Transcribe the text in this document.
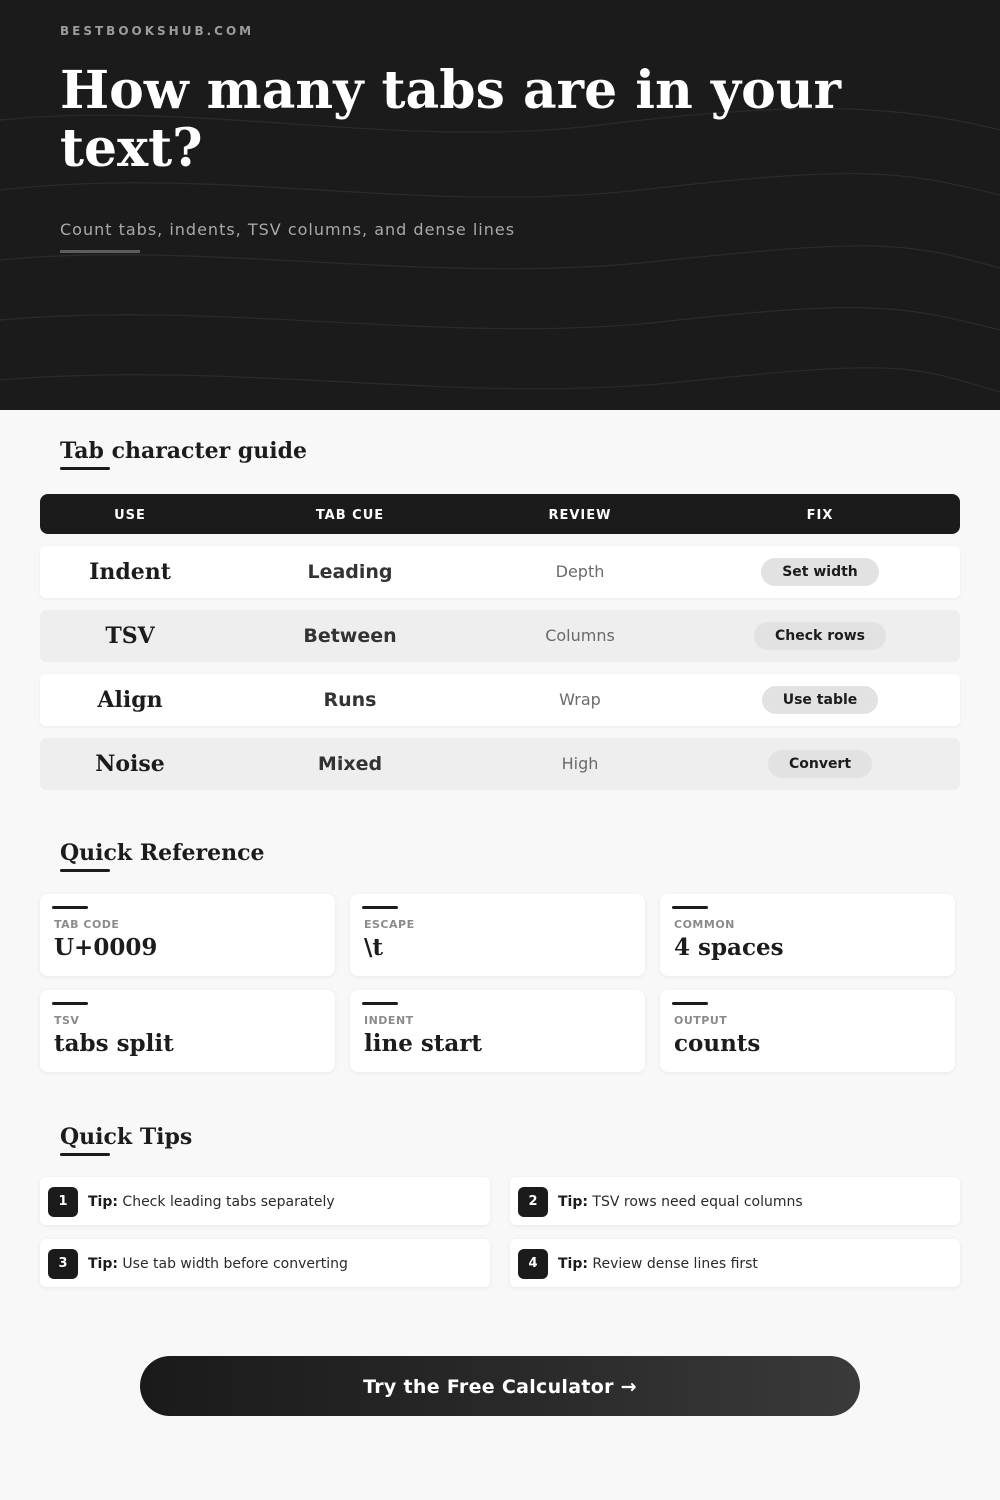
BESTBOOKSHUB.COM
How many tabs are in your text?
Count tabs, indents, TSV columns, and dense lines
Tab character guide
USE	TAB CUE	REVIEW	FIX
Indent	Leading	Depth	Set width
TSV	Between	Columns	Check rows
Align	Runs	Wrap	Use table
Noise	Mixed	High	Convert
Quick Reference
TAB CODE
U+0009
ESCAPE
\t
COMMON
4 spaces
TSV
tabs split
INDENT
line start
OUTPUT
counts
Quick Tips
1	Tip: Check leading tabs separately	2	Tip: TSV rows need equal columns
3	Tip: Use tab width before converting	4	Tip: Review dense lines first
Try the Free Calculator →
